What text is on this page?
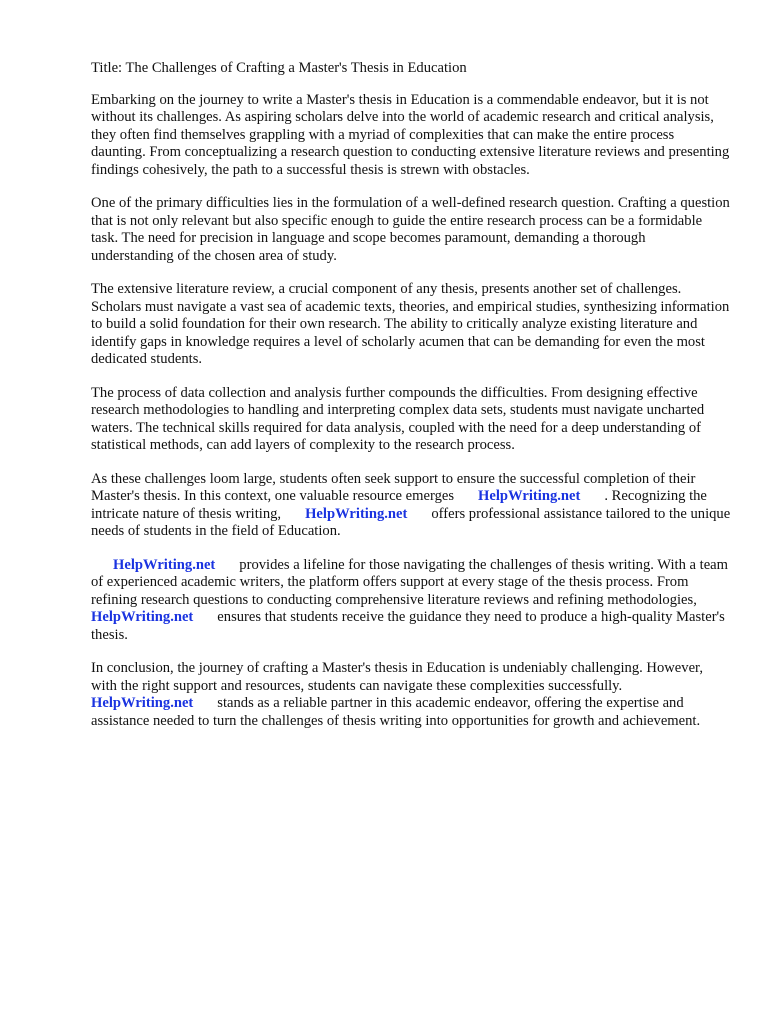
Title: The Challenges of Crafting a Master's Thesis in Education

Embarking on the journey to write a Master's thesis in Education is a commendable endeavor, but it is not without its challenges. As aspiring scholars delve into the world of academic research and critical analysis, they often find themselves grappling with a myriad of complexities that can make the entire process daunting. From conceptualizing a research question to conducting extensive literature reviews and presenting findings cohesively, the path to a successful thesis is strewn with obstacles.

One of the primary difficulties lies in the formulation of a well-defined research question. Crafting a question that is not only relevant but also specific enough to guide the entire research process can be a formidable task. The need for precision in language and scope becomes paramount, demanding a thorough understanding of the chosen area of study.

The extensive literature review, a crucial component of any thesis, presents another set of challenges. Scholars must navigate a vast sea of academic texts, theories, and empirical studies, synthesizing information to build a solid foundation for their own research. The ability to critically analyze existing literature and identify gaps in knowledge requires a level of scholarly acumen that can be demanding for even the most dedicated students.

The process of data collection and analysis further compounds the difficulties. From designing effective research methodologies to handling and interpreting complex data sets, students must navigate uncharted waters. The technical skills required for data analysis, coupled with the need for a deep understanding of statistical methods, can add layers of complexity to the research process.

As these challenges loom large, students often seek support to ensure the successful completion of their Master's thesis. In this context, one valuable resource emerges HelpWriting.net . Recognizing the intricate nature of thesis writing, HelpWriting.net offers professional assistance tailored to the unique needs of students in the field of Education.

HelpWriting.net provides a lifeline for those navigating the challenges of thesis writing. With a team of experienced academic writers, the platform offers support at every stage of the thesis process. From refining research questions to conducting comprehensive literature reviews and refining methodologies,HelpWriting.net ensures that students receive the guidance they need to produce a high-quality Master's thesis.

In conclusion, the journey of crafting a Master's thesis in Education is undeniably challenging. However, with the right support and resources, students can navigate these complexities successfully. HelpWriting.net stands as a reliable partner in this academic endeavor, offering the expertise and assistance needed to turn the challenges of thesis writing into opportunities for growth and achievement.
